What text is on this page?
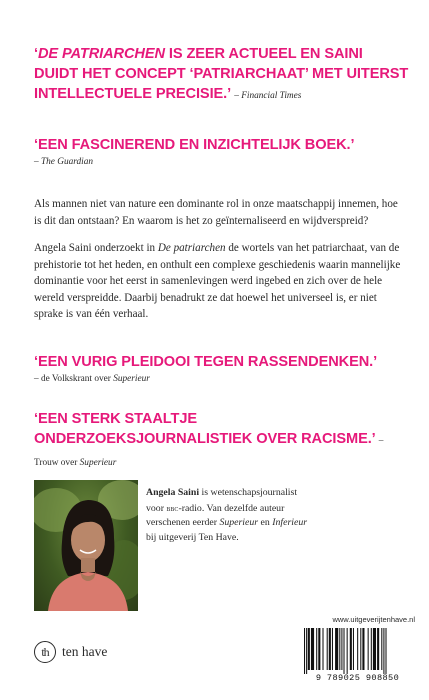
‘DE PATRIARCHEN IS ZEER ACTUEEL EN SAINI DUIDT HET CONCEPT ‘PATRIARCHAAT’ MET UITERST INTELLECTUELE PRECISIE.’ – Financial Times
‘EEN FASCINEREND EN INZICHTELIJK BOEK.’
– The Guardian
Als mannen niet van nature een dominante rol in onze maatschappij innemen, hoe is dit dan ontstaan? En waarom is het zo geïnternaliseerd en wijdverspreid?
Angela Saini onderzoekt in De patriarchen de wortels van het patriarchaat, van de prehistorie tot het heden, en onthult een complexe geschiedenis waarin mannelijke dominantie voor het eerst in samenlevingen werd ingebed en zich over de hele wereld verspreidde. Daarbij benadrukt ze dat hoewel het universeel is, er niet sprake is van één verhaal.
‘EEN VURIG PLEIDOOI TEGEN RASSENDENKEN.’
– de Volkskrant over Superieur
‘EEN STERK STAALTJE ONDERZOEKSJOURNALISTIEK OVER RACISME.’ – Trouw over Superieur
Angela Saini is wetenschapsjournalist voor bbc-radio. Van dezelfde auteur verschenen eerder Superieur en Inferieur bij uitgeverij Ten Have.
www.uitgeverijtenhave.nl
9 789025 908850
th ten have
